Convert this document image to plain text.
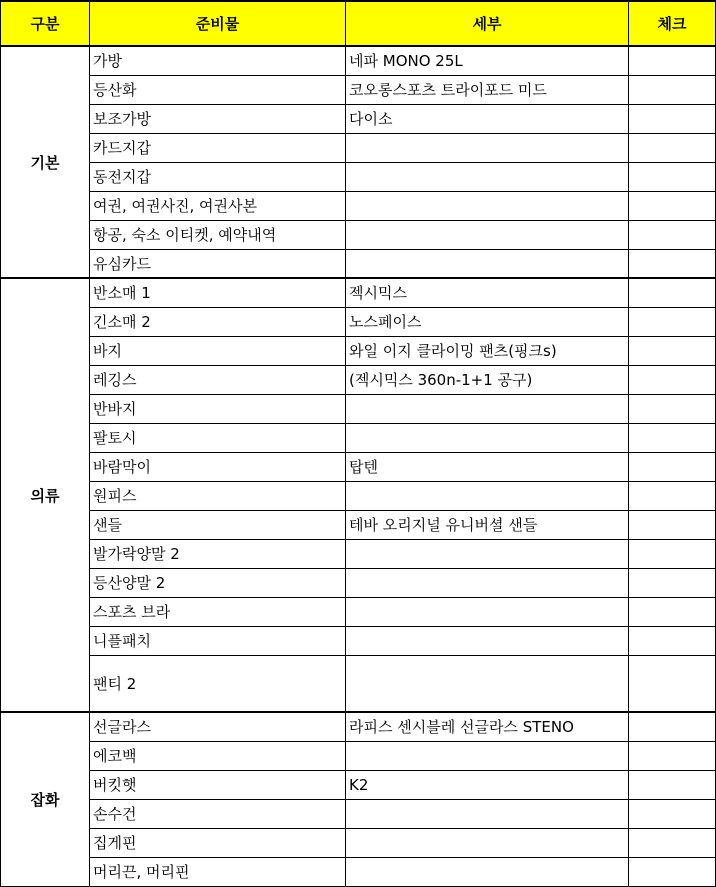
구분	준비물	세부	체크
기본	가방	네파 MONO 25L	
	등산화	코오롱스포츠 트라이포드 미드	
	보조가방	다이소	
	카드지갑		
	동전지갑		
	여권, 여권사진, 여권사본		
	항공, 숙소 이티켓, 예약내역		
	유심카드		
의류	반소매 1	젝시믹스	
	긴소매 2	노스페이스	
	바지	와일 이지 클라이밍 팬츠(핑크s)	
	레깅스	(젝시믹스 360n-1+1 공구)	
	반바지		
	팔토시		
	바람막이	탑텐	
	원피스		
	샌들	테바 오리지널 유니버셜 샌들	
	발가락양말 2		
	등산양말 2		
	스포츠 브라		
	니플패치		
	팬티 2		
잡화	선글라스	라피스 센시블레 선글라스 STENO	
	에코백		
	버킷햇	K2	
	손수건		
	집게핀		
	머리끈, 머리핀		
